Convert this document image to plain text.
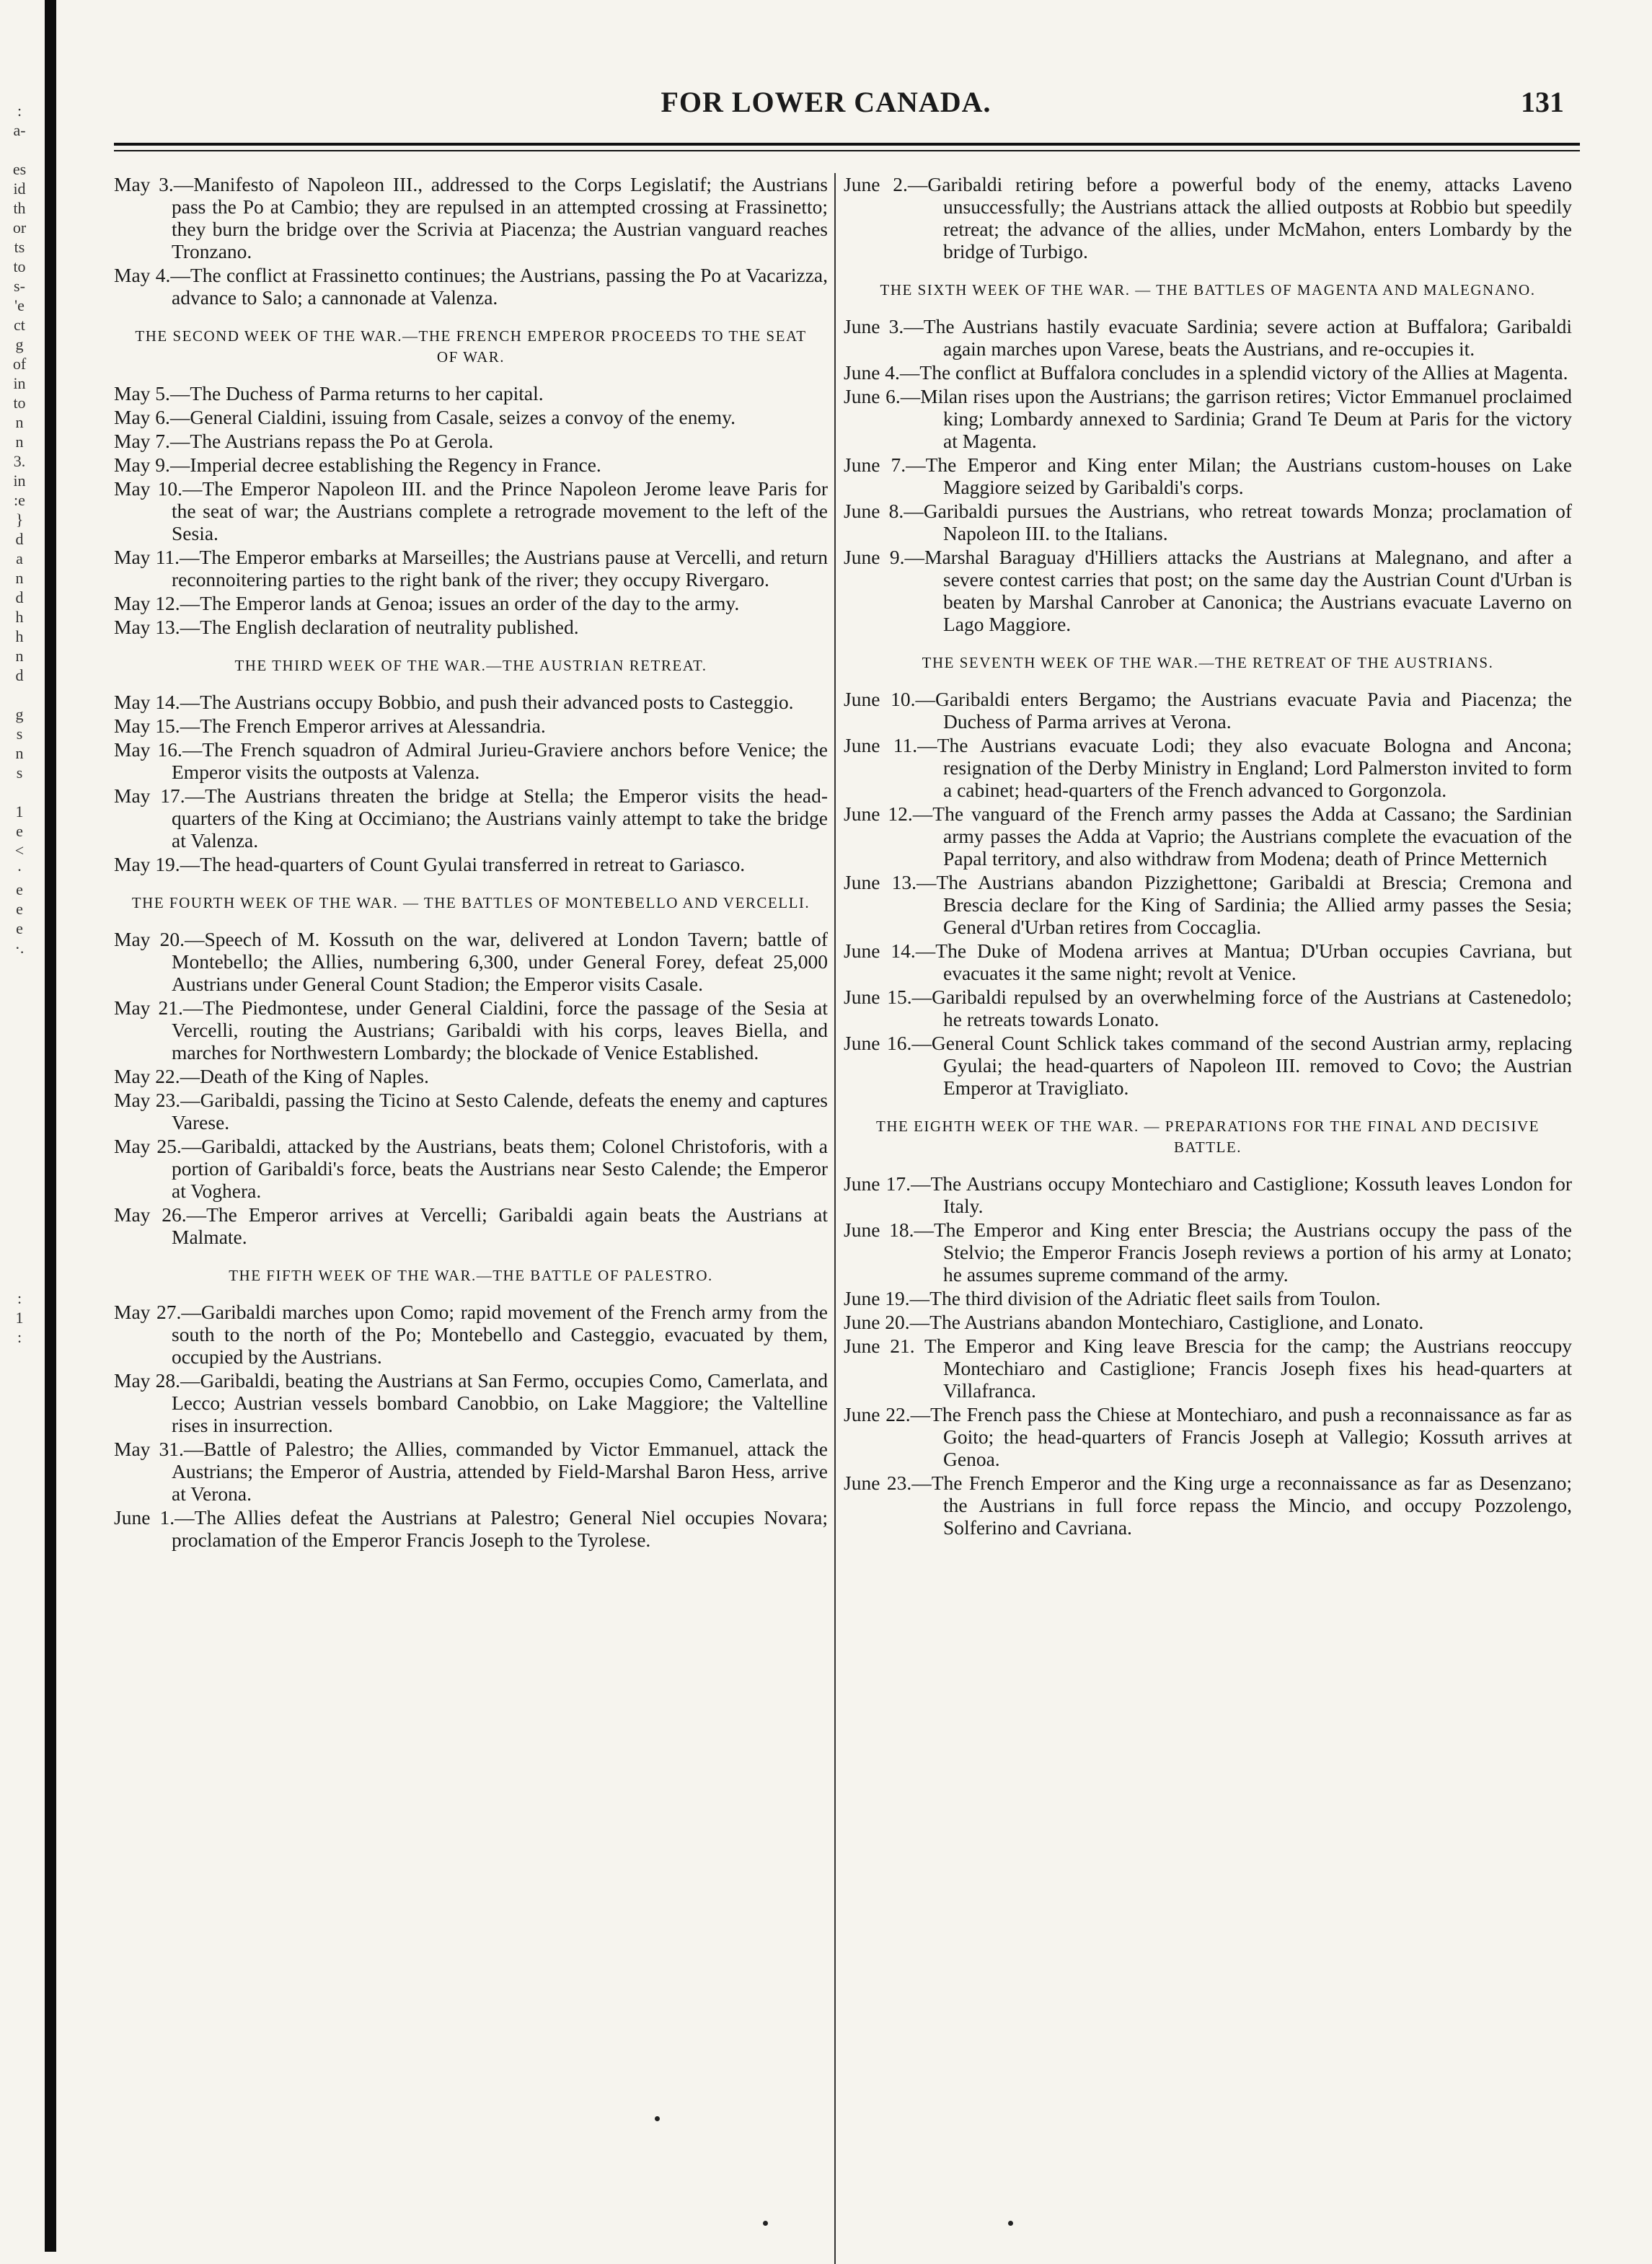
:
a-
es
id
th
or
ts
to
s-
'e
ct
g
of
in
to
n
n
3.
in
:e
}
d
a
n
d
h
h
n
d
g
s
n
s
1
e
<
·
e
e
e
·.
:
1
:
FOR LOWER CANADA.	131
May 3.—Manifesto of Napoleon III., addressed to the Corps Legislatif; the Austrians pass the Po at Cambio; they are repulsed in an attempted crossing at Frassinetto; they burn the bridge over the Scrivia at Piacenza; the Austrian vanguard reaches Tronzano.
May 4.—The conflict at Frassinetto continues; the Austrians, passing the Po at Vacarizza, advance to Salo; a cannonade at Valenza.
THE SECOND WEEK OF THE WAR.—THE FRENCH EMPEROR PROCEEDS TO THE SEAT OF WAR.
May 5.—The Duchess of Parma returns to her capital.
May 6.—General Cialdini, issuing from Casale, seizes a convoy of the enemy.
May 7.—The Austrians repass the Po at Gerola.
May 9.—Imperial decree establishing the Regency in France.
May 10.—The Emperor Napoleon III. and the Prince Napoleon Jerome leave Paris for the seat of war; the Austrians complete a retrograde movement to the left of the Sesia.
May 11.—The Emperor embarks at Marseilles; the Austrians pause at Vercelli, and return reconnoitering parties to the right bank of the river; they occupy Rivergaro.
May 12.—The Emperor lands at Genoa; issues an order of the day to the army.
May 13.—The English declaration of neutrality published.
THE THIRD WEEK OF THE WAR.—THE AUSTRIAN RETREAT.
May 14.—The Austrians occupy Bobbio, and push their advanced posts to Casteggio.
May 15.—The French Emperor arrives at Alessandria.
May 16.—The French squadron of Admiral Jurieu-Graviere anchors before Venice; the Emperor visits the outposts at Valenza.
May 17.—The Austrians threaten the bridge at Stella; the Emperor visits the head-quarters of the King at Occimiano; the Austrians vainly attempt to take the bridge at Valenza.
May 19.—The head-quarters of Count Gyulai transferred in retreat to Gariasco.
THE FOURTH WEEK OF THE WAR. — THE BATTLES OF MONTEBELLO AND VERCELLI.
May 20.—Speech of M. Kossuth on the war, delivered at London Tavern; battle of Montebello; the Allies, numbering 6,300, under General Forey, defeat 25,000 Austrians under General Count Stadion; the Emperor visits Casale.
May 21.—The Piedmontese, under General Cialdini, force the passage of the Sesia at Vercelli, routing the Austrians; Garibaldi with his corps, leaves Biella, and marches for Northwestern Lombardy; the blockade of Venice Established.
May 22.—Death of the King of Naples.
May 23.—Garibaldi, passing the Ticino at Sesto Calende, defeats the enemy and captures Varese.
May 25.—Garibaldi, attacked by the Austrians, beats them; Colonel Christoforis, with a portion of Garibaldi's force, beats the Austrians near Sesto Calende; the Emperor at Voghera.
May 26.—The Emperor arrives at Vercelli; Garibaldi again beats the Austrians at Malmate.
THE FIFTH WEEK OF THE WAR.—THE BATTLE OF PALESTRO.
May 27.—Garibaldi marches upon Como; rapid movement of the French army from the south to the north of the Po; Montebello and Casteggio, evacuated by them, occupied by the Austrians.
May 28.—Garibaldi, beating the Austrians at San Fermo, occupies Como, Camerlata, and Lecco; Austrian vessels bombard Canobbio, on Lake Maggiore; the Valtelline rises in insurrection.
May 31.—Battle of Palestro; the Allies, commanded by Victor Emmanuel, attack the Austrians; the Emperor of Austria, attended by Field-Marshal Baron Hess, arrive at Verona.
June 1.—The Allies defeat the Austrians at Palestro; General Niel occupies Novara; proclamation of the Emperor Francis Joseph to the Tyrolese.
June 2.—Garibaldi retiring before a powerful body of the enemy, attacks Laveno unsuccessfully; the Austrians attack the allied outposts at Robbio but speedily retreat; the advance of the allies, under McMahon, enters Lombardy by the bridge of Turbigo.
THE SIXTH WEEK OF THE WAR. — THE BATTLES OF MAGENTA AND MALEGNANO.
June 3.—The Austrians hastily evacuate Sardinia; severe action at Buffalora; Garibaldi again marches upon Varese, beats the Austrians, and re-occupies it.
June 4.—The conflict at Buffalora concludes in a splendid victory of the Allies at Magenta.
June 6.—Milan rises upon the Austrians; the garrison retires; Victor Emmanuel proclaimed king; Lombardy annexed to Sardinia; Grand Te Deum at Paris for the victory at Magenta.
June 7.—The Emperor and King enter Milan; the Austrians custom-houses on Lake Maggiore seized by Garibaldi's corps.
June 8.—Garibaldi pursues the Austrians, who retreat towards Monza; proclamation of Napoleon III. to the Italians.
June 9.—Marshal Baraguay d'Hilliers attacks the Austrians at Malegnano, and after a severe contest carries that post; on the same day the Austrian Count d'Urban is beaten by Marshal Canrober at Canonica; the Austrians evacuate Laverno on Lago Maggiore.
THE SEVENTH WEEK OF THE WAR.—THE RETREAT OF THE AUSTRIANS.
June 10.—Garibaldi enters Bergamo; the Austrians evacuate Pavia and Piacenza; the Duchess of Parma arrives at Verona.
June 11.—The Austrians evacuate Lodi; they also evacuate Bologna and Ancona; resignation of the Derby Ministry in England; Lord Palmerston invited to form a cabinet; head-quarters of the French advanced to Gorgonzola.
June 12.—The vanguard of the French army passes the Adda at Cassano; the Sardinian army passes the Adda at Vaprio; the Austrians complete the evacuation of the Papal territory, and also withdraw from Modena; death of Prince Metternich
June 13.—The Austrians abandon Pizzighettone; Garibaldi at Brescia; Cremona and Brescia declare for the King of Sardinia; the Allied army passes the Sesia; General d'Urban retires from Coccaglia.
June 14.—The Duke of Modena arrives at Mantua; D'Urban occupies Cavriana, but evacuates it the same night; revolt at Venice.
June 15.—Garibaldi repulsed by an overwhelming force of the Austrians at Castenedolo; he retreats towards Lonato.
June 16.—General Count Schlick takes command of the second Austrian army, replacing Gyulai; the head-quarters of Napoleon III. removed to Covo; the Austrian Emperor at Travigliato.
THE EIGHTH WEEK OF THE WAR. — PREPARATIONS FOR THE FINAL AND DECISIVE BATTLE.
June 17.—The Austrians occupy Montechiaro and Castiglione; Kossuth leaves London for Italy.
June 18.—The Emperor and King enter Brescia; the Austrians occupy the pass of the Stelvio; the Emperor Francis Joseph reviews a portion of his army at Lonato; he assumes supreme command of the army.
June 19.—The third division of the Adriatic fleet sails from Toulon.
June 20.—The Austrians abandon Montechiaro, Castiglione, and Lonato.
June 21. The Emperor and King leave Brescia for the camp; the Austrians reoccupy Montechiaro and Castiglione; Francis Joseph fixes his head-quarters at Villafranca.
June 22.—The French pass the Chiese at Montechiaro, and push a reconnaissance as far as Goito; the head-quarters of Francis Joseph at Vallegio; Kossuth arrives at Genoa.
June 23.—The French Emperor and the King urge a reconnaissance as far as Desenzano; the Austrians in full force repass the Mincio, and occupy Pozzolengo, Solferino and Cavriana.
